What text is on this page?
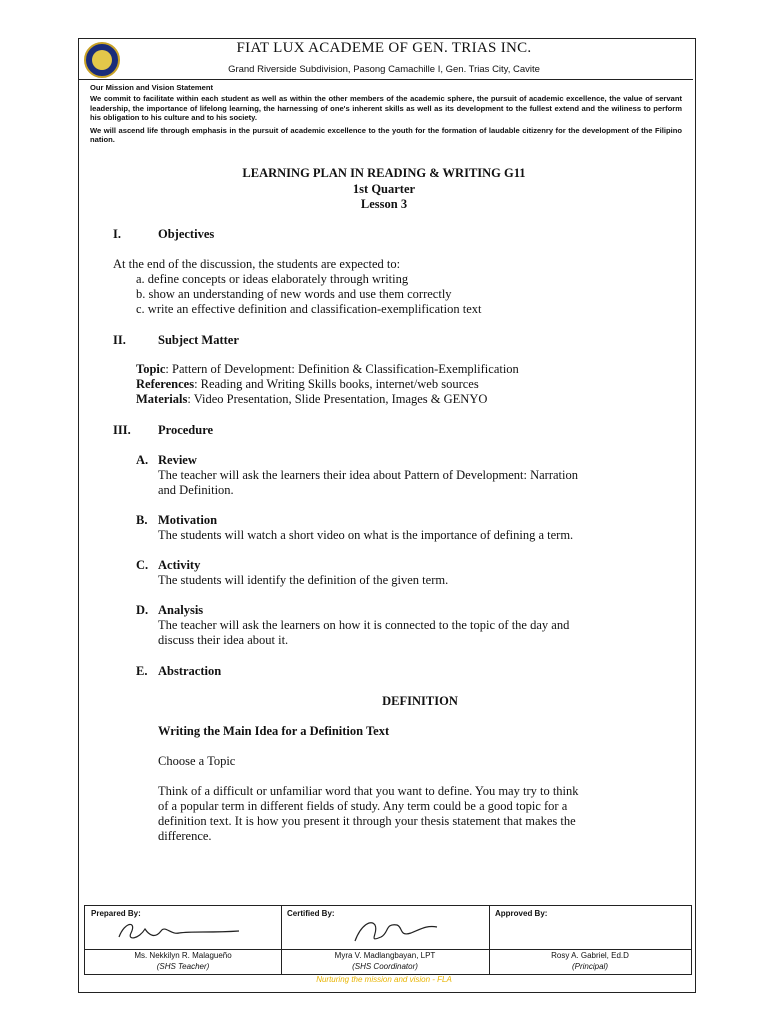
FIAT LUX ACADEME OF GEN. TRIAS INC.
Grand Riverside Subdivision, Pasong Camachille I, Gen. Trias City, Cavite

Our Mission and Vision Statement

We commit to facilitate within each student as well as within the other members of the academic sphere, the pursuit of academic excellence, the value of servant leadership, the importance of lifelong learning, the harnessing of one's inherent skills as well as its development to the fullest extend and the wiliness to perform his obligation to his culture and to his society.

We will ascend life through emphasis in the pursuit of academic excellence to the youth for the formation of laudable citizenry for the development of the Filipino nation.

LEARNING PLAN IN READING & WRITING G11
1st Quarter
Lesson 3
I.	Objectives
At the end of the discussion, the students are expected to:
a. define concepts or ideas elaborately through writing
b. show an understanding of new words and use them correctly
c. write an effective definition and classification-exemplification text
II.	Subject Matter
Topic: Pattern of Development: Definition & Classification-Exemplification
References: Reading and Writing Skills books, internet/web sources
Materials: Video Presentation, Slide Presentation, Images & GENYO
III. Procedure
A. Review
The teacher will ask the learners their idea about Pattern of Development: Narration
and Definition.
B. Motivation
The students will watch a short video on what is the importance of defining a term.
C. Activity
The students will identify the definition of the given term.
D. Analysis
The teacher will ask the learners on how it is connected to the topic of the day and
discuss their idea about it.
E. Abstraction
DEFINITION
Writing the Main Idea for a Definition Text
Choose a Topic
Think of a difficult or unfamiliar word that you want to define. You may try to think
of a popular term in different fields of study. Any term could be a good topic for a
definition text. It is how you present it through your thesis statement that makes the
difference.
Prepared By:
Ms. Nekkilyn R. Malagueño
(SHS Teacher)
Certified By:
Myra V. Madlangbayan, LPT
(SHS Coordinator)
Approved By:
Rosy A. Gabriel, Ed.D
(Principal)
Nurturing the mission and vision - FLA
